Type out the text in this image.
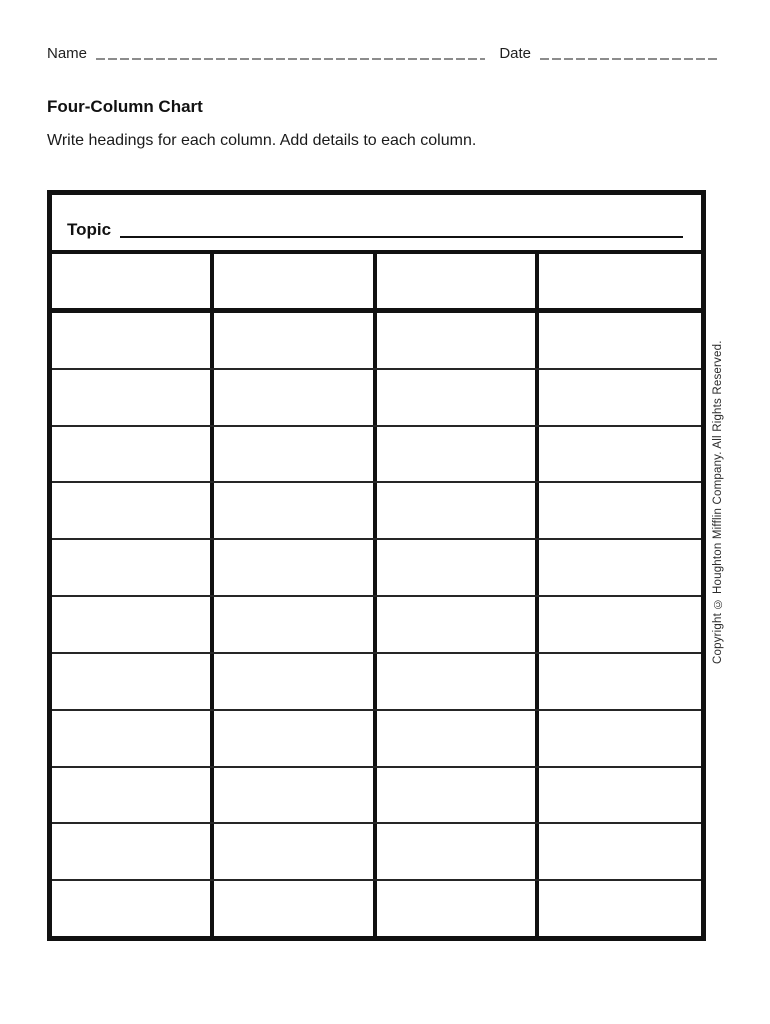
Name	Date
Four-Column Chart
Write headings for each column. Add details to each column.
Topic
Copyright © Houghton Mifflin Company. All Rights Reserved.
